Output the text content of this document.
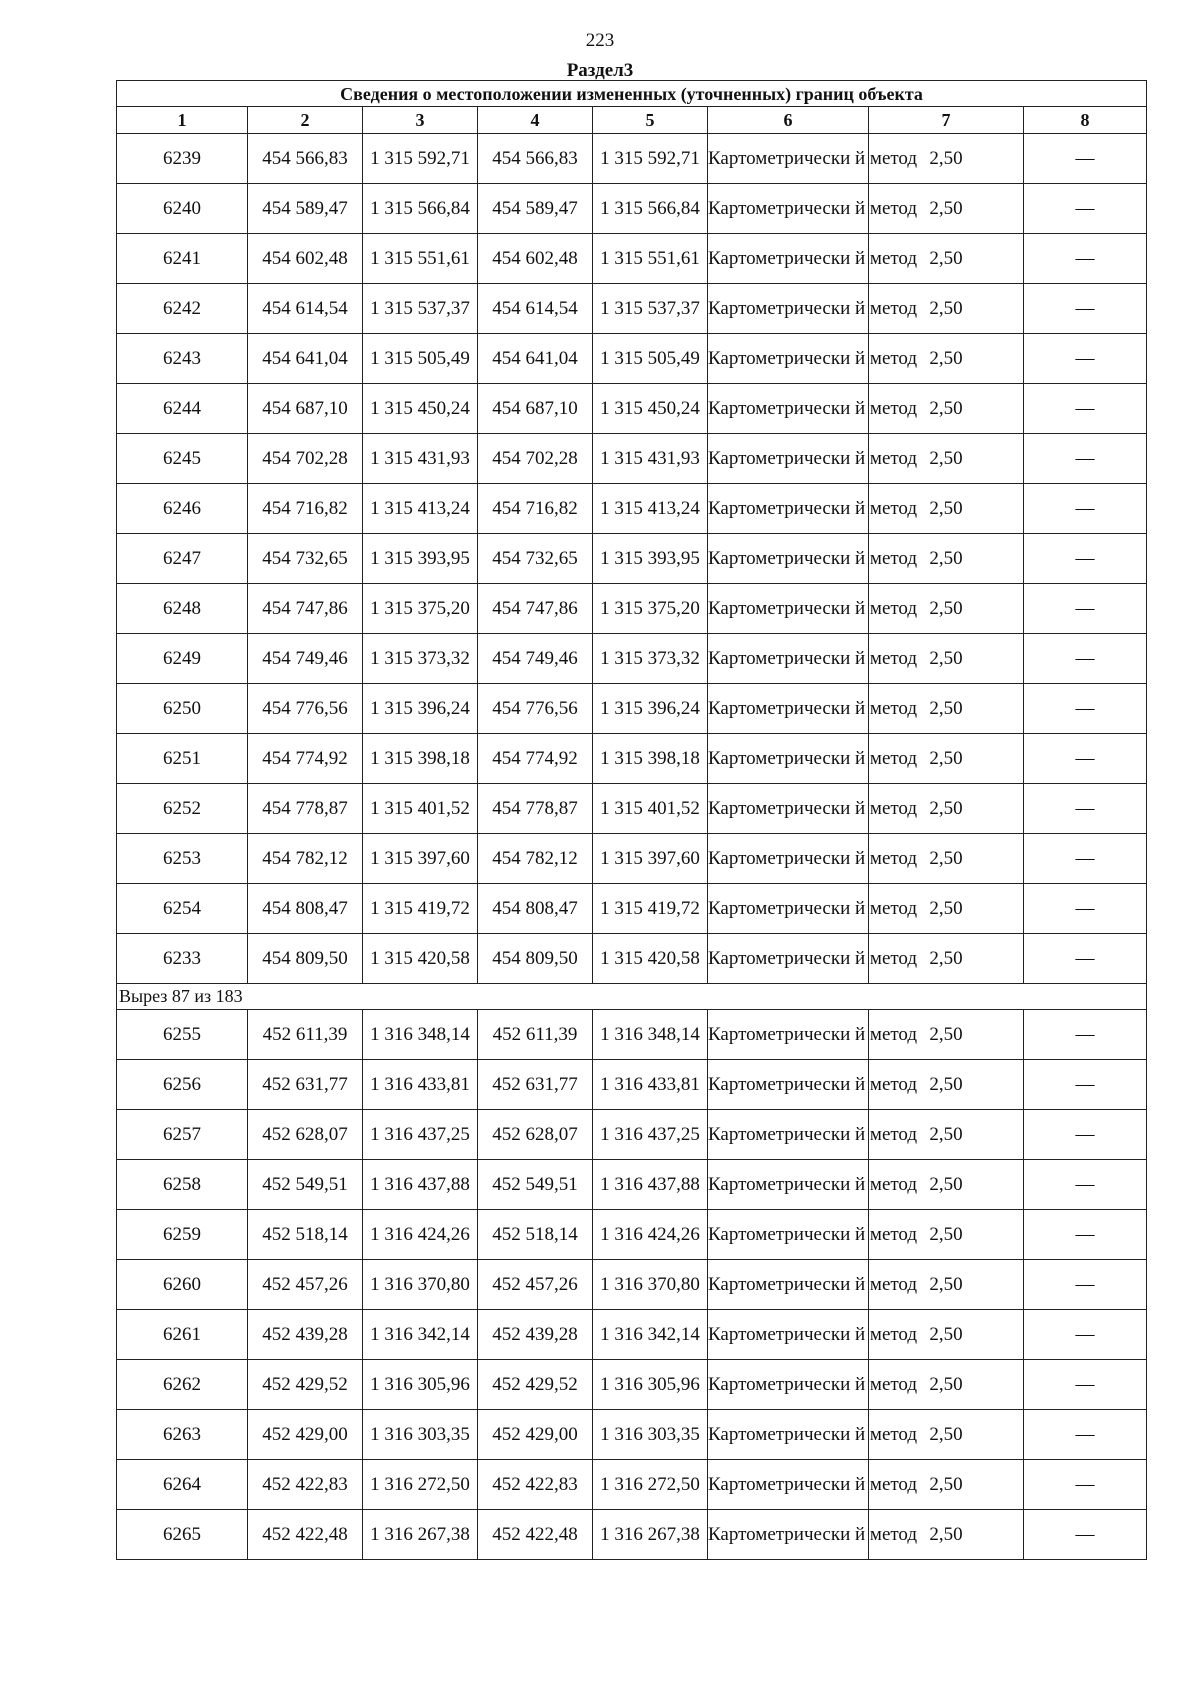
223
Раздел3
Сведения о местоположении измененных (уточненных) границ объекта							
1	2	3	4	5	6	7	8
6239	454 566,83	1 315 592,71	454 566,83	1 315 592,71	Картометрически й метод	2,50	—
6240	454 589,47	1 315 566,84	454 589,47	1 315 566,84	Картометрически й метод	2,50	—
6241	454 602,48	1 315 551,61	454 602,48	1 315 551,61	Картометрически й метод	2,50	—
6242	454 614,54	1 315 537,37	454 614,54	1 315 537,37	Картометрически й метод	2,50	—
6243	454 641,04	1 315 505,49	454 641,04	1 315 505,49	Картометрически й метод	2,50	—
6244	454 687,10	1 315 450,24	454 687,10	1 315 450,24	Картометрически й метод	2,50	—
6245	454 702,28	1 315 431,93	454 702,28	1 315 431,93	Картометрически й метод	2,50	—
6246	454 716,82	1 315 413,24	454 716,82	1 315 413,24	Картометрически й метод	2,50	—
6247	454 732,65	1 315 393,95	454 732,65	1 315 393,95	Картометрически й метод	2,50	—
6248	454 747,86	1 315 375,20	454 747,86	1 315 375,20	Картометрически й метод	2,50	—
6249	454 749,46	1 315 373,32	454 749,46	1 315 373,32	Картометрически й метод	2,50	—
6250	454 776,56	1 315 396,24	454 776,56	1 315 396,24	Картометрически й метод	2,50	—
6251	454 774,92	1 315 398,18	454 774,92	1 315 398,18	Картометрически й метод	2,50	—
6252	454 778,87	1 315 401,52	454 778,87	1 315 401,52	Картометрически й метод	2,50	—
6253	454 782,12	1 315 397,60	454 782,12	1 315 397,60	Картометрически й метод	2,50	—
6254	454 808,47	1 315 419,72	454 808,47	1 315 419,72	Картометрически й метод	2,50	—
6233	454 809,50	1 315 420,58	454 809,50	1 315 420,58	Картометрически й метод	2,50	—
Вырез 87 из 183							
6255	452 611,39	1 316 348,14	452 611,39	1 316 348,14	Картометрически й метод	2,50	—
6256	452 631,77	1 316 433,81	452 631,77	1 316 433,81	Картометрически й метод	2,50	—
6257	452 628,07	1 316 437,25	452 628,07	1 316 437,25	Картометрически й метод	2,50	—
6258	452 549,51	1 316 437,88	452 549,51	1 316 437,88	Картометрически й метод	2,50	—
6259	452 518,14	1 316 424,26	452 518,14	1 316 424,26	Картометрически й метод	2,50	—
6260	452 457,26	1 316 370,80	452 457,26	1 316 370,80	Картометрически й метод	2,50	—
6261	452 439,28	1 316 342,14	452 439,28	1 316 342,14	Картометрически й метод	2,50	—
6262	452 429,52	1 316 305,96	452 429,52	1 316 305,96	Картометрически й метод	2,50	—
6263	452 429,00	1 316 303,35	452 429,00	1 316 303,35	Картометрически й метод	2,50	—
6264	452 422,83	1 316 272,50	452 422,83	1 316 272,50	Картометрически й метод	2,50	—
6265	452 422,48	1 316 267,38	452 422,48	1 316 267,38	Картометрически й метод	2,50	—
